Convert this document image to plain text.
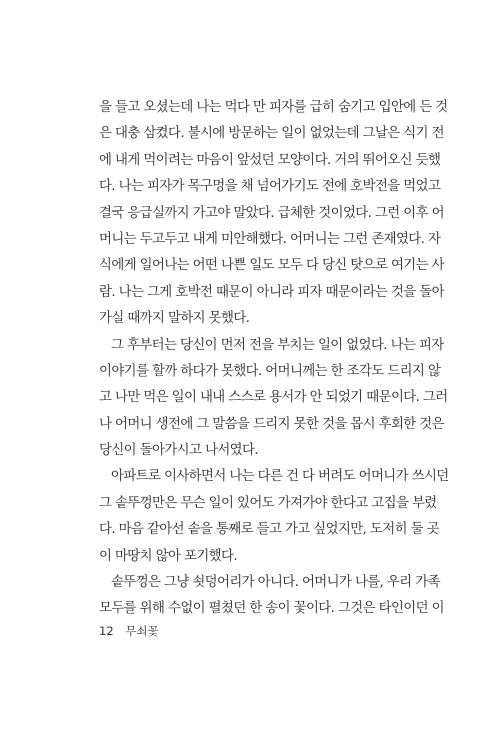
을 들고 오셨는데 나는 먹다 만 피자를 급히 숨기고 입안에 든 것
은 대충 삼켰다. 불시에 방문하는 일이 없었는데 그날은 식기 전
에 내게 먹이려는 마음이 앞섰던 모양이다. 거의 뛰어오신 듯했
다. 나는 피자가 목구멍을 채 넘어가기도 전에 호박전을 먹었고
결국 응급실까지 가고야 말았다. 급체한 것이었다. 그런 이후 어
머니는 두고두고 내게 미안해했다. 어머니는 그런 존재였다. 자
식에게 일어나는 어떤 나쁜 일도 모두 다 당신 탓으로 여기는 사
람. 나는 그게 호박전 때문이 아니라 피자 때문이라는 것을 돌아
가실 때까지 말하지 못했다.
그 후부터는 당신이 먼저 전을 부치는 일이 없었다. 나는 피자
이야기를 할까 하다가 못했다. 어머니께는 한 조각도 드리지 않
고 나만 먹은 일이 내내 스스로 용서가 안 되었기 때문이다. 그러
나 어머니 생전에 그 말씀을 드리지 못한 것을 몹시 후회한 것은
당신이 돌아가시고 나서였다.
아파트로 이사하면서 나는 다른 건 다 버려도 어머니가 쓰시던
그 솥뚜껑만은 무슨 일이 있어도 가져가야 한다고 고집을 부렸
다. 마음 같아선 솥을 통째로 들고 가고 싶었지만, 도저히 둘 곳
이 마땅치 않아 포기했다.
솥뚜껑은 그냥 쇳덩어리가 아니다. 어머니가 나를, 우리 가족
모두를 위해 수없이 펼쳤던 한 송이 꽃이다. 그것은 타인이던 이
12 무쇠꽃
